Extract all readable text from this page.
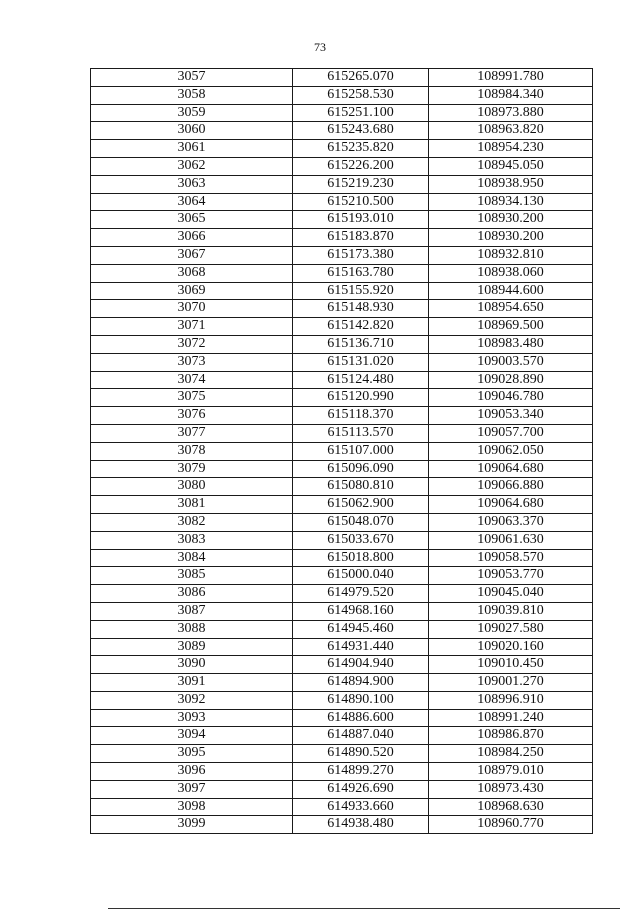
73
3057	615265.070	108991.780
3058	615258.530	108984.340
3059	615251.100	108973.880
3060	615243.680	108963.820
3061	615235.820	108954.230
3062	615226.200	108945.050
3063	615219.230	108938.950
3064	615210.500	108934.130
3065	615193.010	108930.200
3066	615183.870	108930.200
3067	615173.380	108932.810
3068	615163.780	108938.060
3069	615155.920	108944.600
3070	615148.930	108954.650
3071	615142.820	108969.500
3072	615136.710	108983.480
3073	615131.020	109003.570
3074	615124.480	109028.890
3075	615120.990	109046.780
3076	615118.370	109053.340
3077	615113.570	109057.700
3078	615107.000	109062.050
3079	615096.090	109064.680
3080	615080.810	109066.880
3081	615062.900	109064.680
3082	615048.070	109063.370
3083	615033.670	109061.630
3084	615018.800	109058.570
3085	615000.040	109053.770
3086	614979.520	109045.040
3087	614968.160	109039.810
3088	614945.460	109027.580
3089	614931.440	109020.160
3090	614904.940	109010.450
3091	614894.900	109001.270
3092	614890.100	108996.910
3093	614886.600	108991.240
3094	614887.040	108986.870
3095	614890.520	108984.250
3096	614899.270	108979.010
3097	614926.690	108973.430
3098	614933.660	108968.630
3099	614938.480	108960.770
